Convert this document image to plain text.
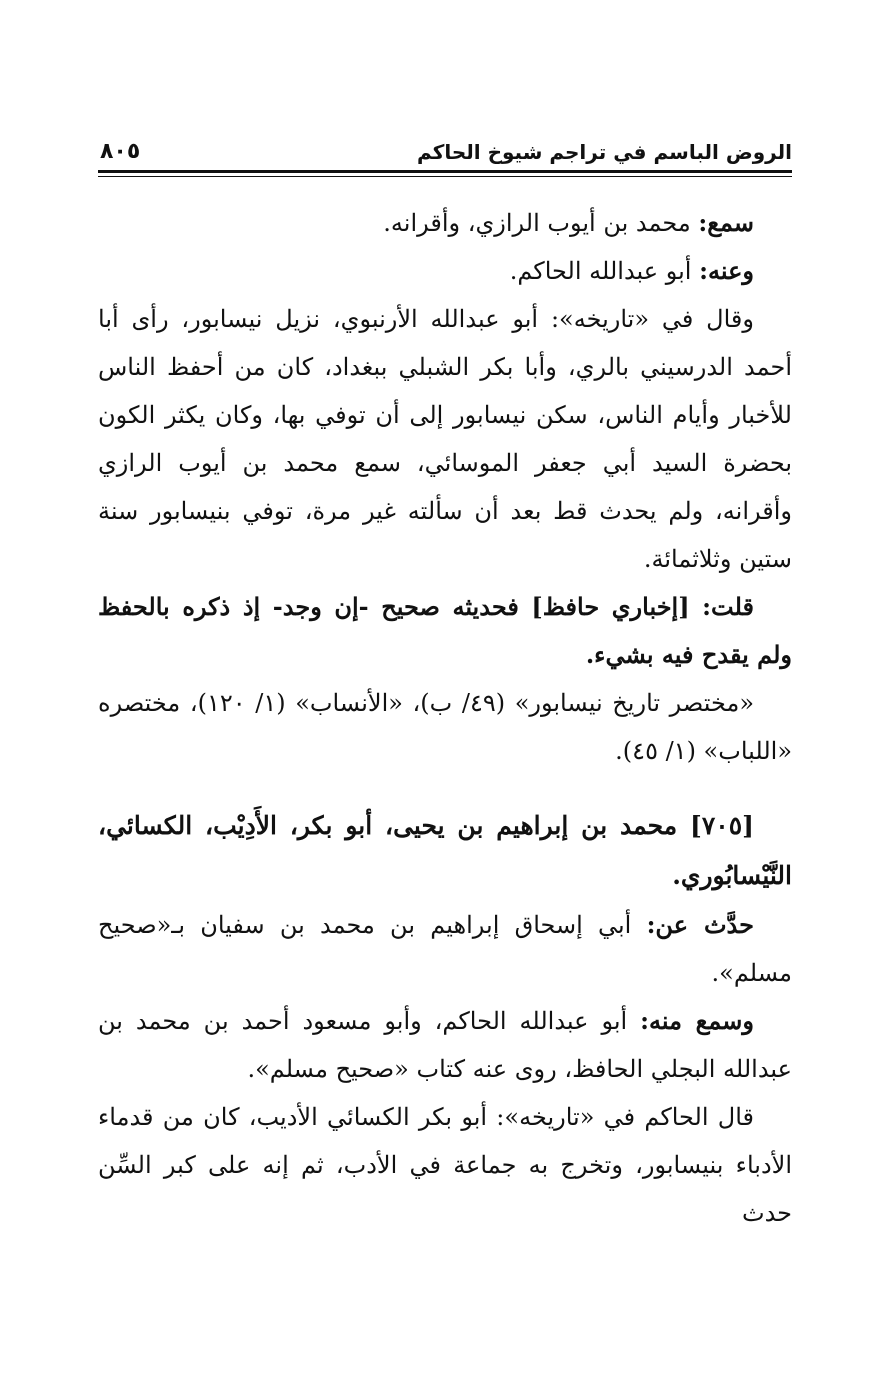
الروض الباسم في تراجم شيوخ الحاكم
٨٠٥

سمع: محمد بن أيوب الرازي، وأقرانه.

وعنه: أبو عبدالله الحاكم.

وقال في «تاريخه»: أبو عبدالله الأرنبوي، نزيل نيسابور، رأى أبا أحمد الدرسيني بالري، وأبا بكر الشبلي ببغداد، كان من أحفظ الناس للأخبار وأيام الناس، سكن نيسابور إلى أن توفي بها، وكان يكثر الكون بحضرة السيد أبي جعفر الموسائي، سمع محمد بن أيوب الرازي وأقرانه، ولم يحدث قط بعد أن سألته غير مرة، توفي بنيسابور سنة ستين وثلاثمائة.

قلت: [إخباري حافظ] فحديثه صحيح -إن وجد- إذ ذكره بالحفظ ولم يقدح فيه بشيء.

«مختصر تاريخ نيسابور» (٤٩/ ب)، «الأنساب» (١/ ١٢٠)، مختصره «اللباب» (١/ ٤٥).

[٧٠٥] محمد بن إبراهيم بن يحيى، أبو بكر، الأَدِيْب، الكسائي، النَّيْسابُوري.

حدَّث عن: أبي إسحاق إبراهيم بن محمد بن سفيان بـ«صحيح مسلم».

وسمع منه: أبو عبدالله الحاكم، وأبو مسعود أحمد بن محمد بن عبدالله البجلي الحافظ، روى عنه كتاب «صحيح مسلم».

قال الحاكم في «تاريخه»: أبو بكر الكسائي الأديب، كان من قدماء الأدباء بنيسابور، وتخرج به جماعة في الأدب، ثم إنه على كبر السِّن حدث
